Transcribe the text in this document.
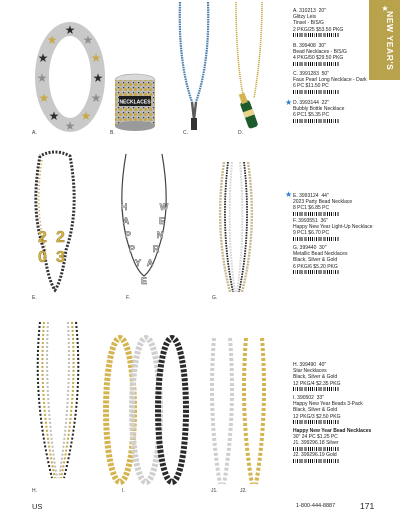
★
NEW YEAR'S
★
★ ★
★	★
★	★
★	★
★ ★
★
A.
NECKLACES
B.	C.	D.
A. 310213 20"
Glitzy Leis
Tinsel - B/S/G
2 PKG/25 $53.50 PKG
B. 399408 30"
Bead Necklaces - B/S/G
4 PKG/50 $29.50 PKG
C. 3991283 50"
Faux Pearl Long Necklace - Dark
6 PC $11.50 PC
★ D. 3993144 22"
Bubbly Bottle Necklace
6 PC1 $5.35 PC
2 2
0 3
E.
H
A
P
P
Y
W
E
N
R
A
E
F.	G.
★ E. 3993124 44"
2023 Party Bead Necklace
8 PC1 $6.85 PC
F. 3993551 36"
Happy New Year Light-Up Necklace
9 PC1 $6.70 PC
G. 399440 30"
Metallic Bead Necklaces
Black, Silver & Gold
6 PKG/6 $5.20 PKG
H.	I.	J1.	J2.
H. 399490 40"
Star Necklaces
Black, Silver & Gold
12 PKG/4 $2.35 PKG
I. 390502 33"
Happy New Year Beads 3-Pack
Black, Silver & Gold
12 PKG/3 $2.50 PKG
Happy New Year Bead Necklaces
30" 24 PC $1.25 PC
J1. 399296.18 Silver
J2. 399296.19 Gold
US	1-800-444-8887	171
